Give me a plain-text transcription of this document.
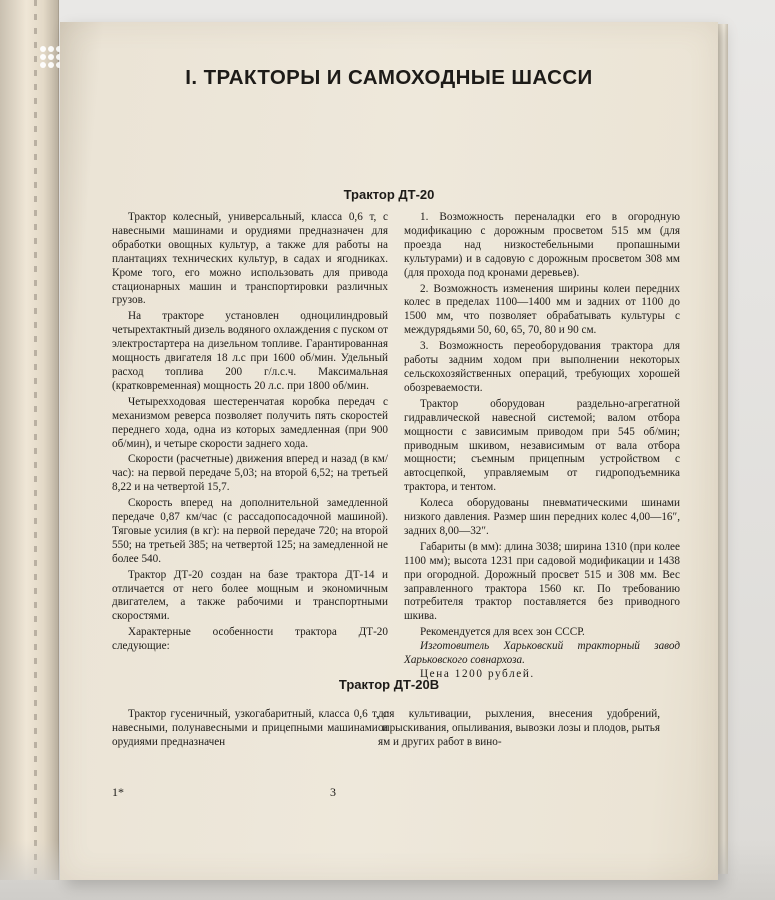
I. ТРАКТОРЫ И САМОХОДНЫЕ ШАССИ
Трактор ДТ-20

Трактор колесный, универсальный, класса 0,6 т, с навесными машинами и орудиями предназначен для обработки овощных культур, а также для работы на плантациях технических культур, в садах и ягодниках. Кроме того, его можно использовать для привода стационарных машин и транспортировки различных грузов.

На тракторе установлен одноцилиндровый четырехтактный дизель водяного охлаждения с пуском от электростартера на дизельном топливе. Гарантированная мощность двигателя 18 л.с при 1600 об/мин. Удельный расход топлива 200 г/л.с.ч. Максимальная (кратковременная) мощность 20 л.с. при 1800 об/мин.

Четырехходовая шестеренчатая коробка передач с механизмом реверса позволяет получить пять скоростей переднего хода, одна из которых замедленная (при 900 об/мин), и четыре скорости заднего хода.

Скорости (расчетные) движения вперед и назад (в км/час): на первой передаче 5,03; на второй 6,52; на третьей 8,22 и на четвертой 15,7.

Скорость вперед на дополнительной замедленной передаче 0,87 км/час (с рассадопосадочной машиной). Тяговые усилия (в кг): на первой передаче 720; на второй 550; на третьей 385; на четвертой 125; на замедленной не более 540.

Трактор ДТ-20 создан на базе трактора ДТ-14 и отличается от него более мощным и экономичным двигателем, а также рабочими и транспортными скоростями.

Характерные особенности трактора ДТ-20 следующие:

1. Возможность переналадки его в огородную модификацию с дорожным просветом 515 мм (для проезда над низкостебельными пропашными культурами) и в садовую с дорожным просветом 308 мм (для прохода под кронами деревьев).

2. Возможность изменения ширины колеи передних колес в пределах 1100—1400 мм и задних от 1100 до 1500 мм, что позволяет обрабатывать культуры с междурядьями 50, 60, 65, 70, 80 и 90 см.

3. Возможность переоборудования трактора для работы задним ходом при выполнении некоторых сельскохозяйственных операций, требующих хорошей обозреваемости.

Трактор оборудован раздельно-агрегатной гидравлической навесной системой; валом отбора мощности с зависимым приводом при 545 об/мин; приводным шкивом, независимым от вала отбора мощности; съемным прицепным устройством с автосцепкой, управляемым от гидроподъемника трактора, и тентом.

Колеса оборудованы пневматическими шинами низкого давления. Размер шин передних колес 4,00—16″, задних 8,00—32″.

Габариты (в мм): длина 3038; ширина 1310 (при колее 1100 мм); высота 1231 при садовой модификации и 1438 при огородной. Дорожный просвет 515 и 308 мм. Вес заправленного трактора 1560 кг. По требованию потребителя трактор поставляется без приводного шкива.

Рекомендуется для всех зон СССР.

Изготовитель Харьковский тракторный завод Харьковского совнархоза.

Цена 1200 рублей.

Трактор ДТ-20В

Трактор гусеничный, узкогабаритный, класса 0,6 т, с навесными, полунавесными и прицепными машинами и орудиями предназначен

для культивации, рыхления, внесения удобрений, опрыскивания, опыливания, вывозки лозы и плодов, рытья ям и других работ в вино-

1*	3
